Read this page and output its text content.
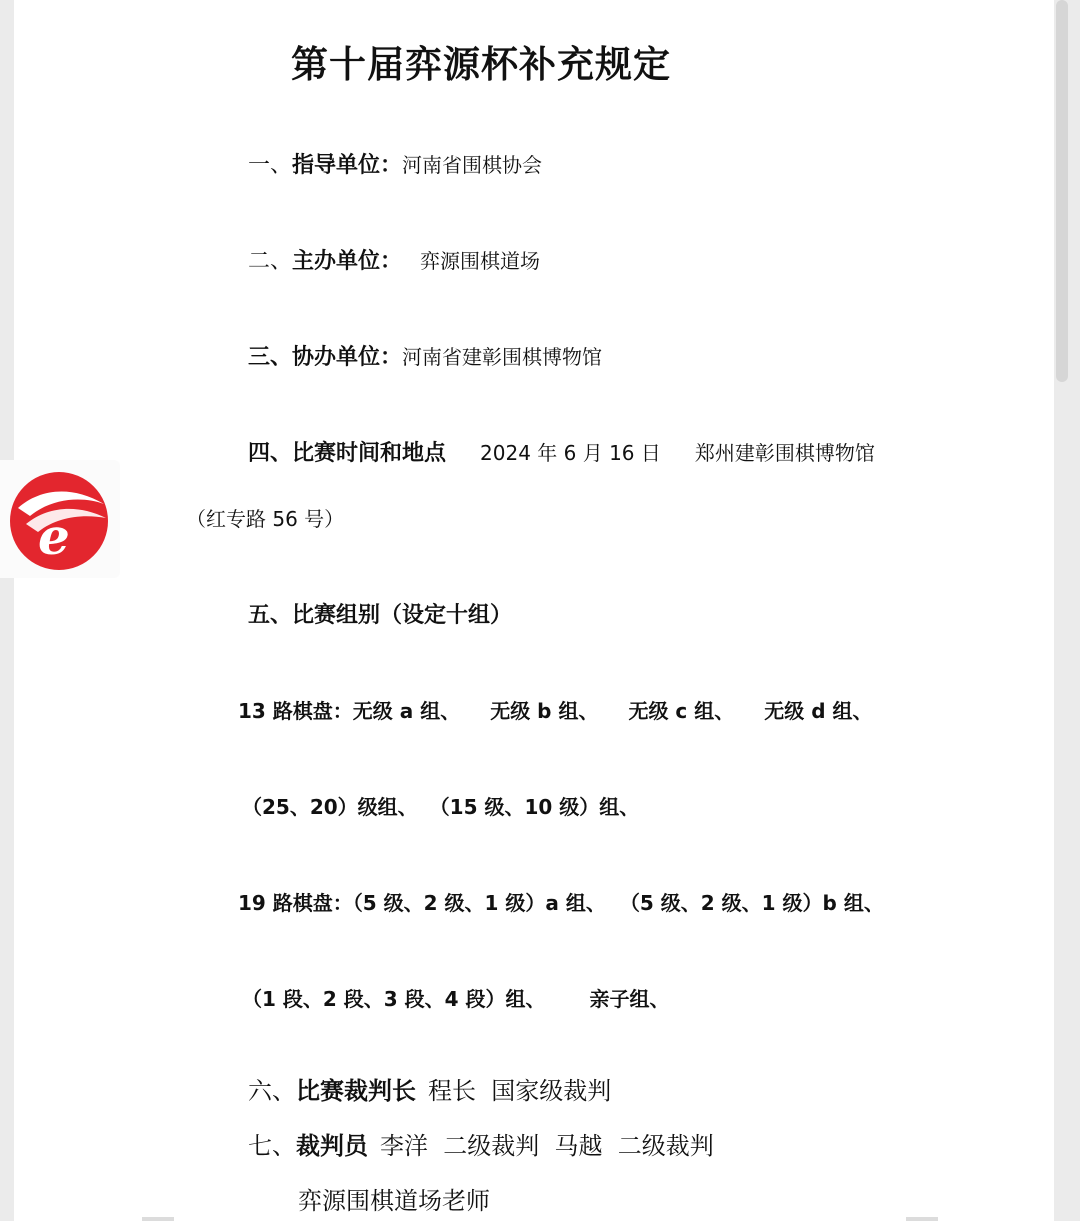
第十届弈源杯补充规定
一、指导单位：河南省围棋协会
二、主办单位： 弈源围棋道场
三、协办单位：河南省建彰围棋博物馆
四、比赛时间和地点 2024 年 6 月 16 日 郑州建彰围棋博物馆
（红专路 56 号）
五、比赛组别（设定十组）
13 路棋盘：无级 a 组、 无级 b 组、 无级 c 组、 无级 d 组、
（25、20）级组、 （15 级、10 级）组、
19 路棋盘：（5 级、2 级、1 级）a 组、 （5 级、2 级、1 级）b 组、
（1 段、2 段、3 段、4 段）组、 亲子组、
六、比赛裁判长 程长  国家级裁判
七、裁判员 李洋  二级裁判  马越  二级裁判
弈源围棋道场老师
e
